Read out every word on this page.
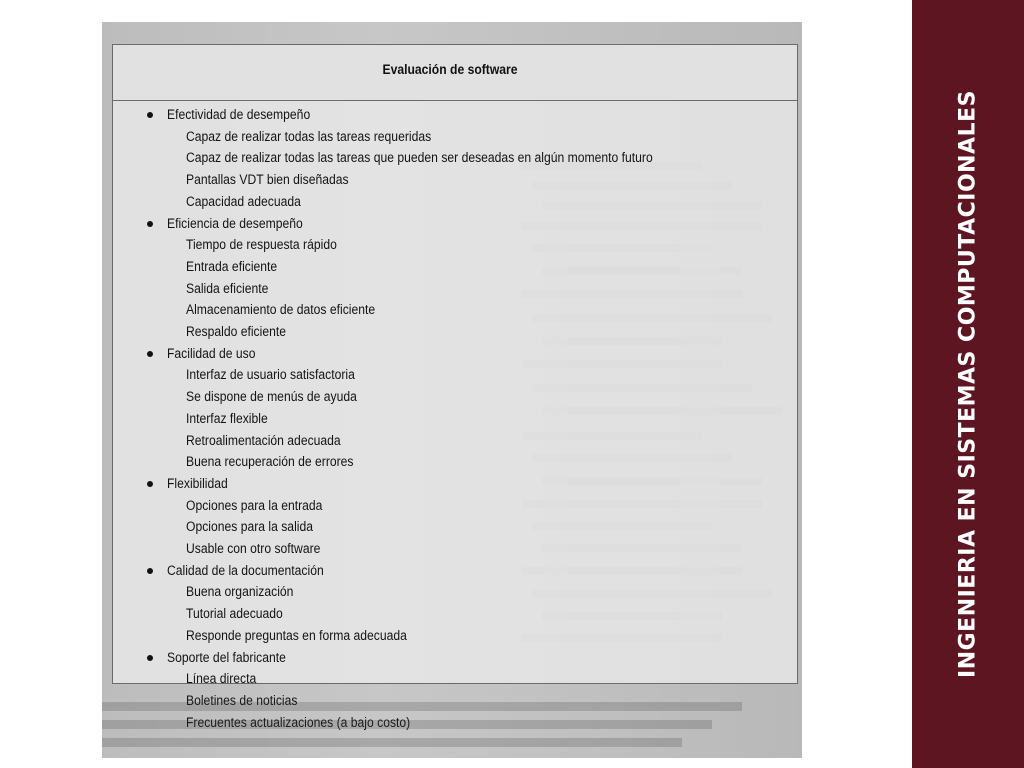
Evaluación de software
Efectividad de desempeño
Capaz de realizar todas las tareas requeridas
Capaz de realizar todas las tareas que pueden ser deseadas en algún momento futuro
Pantallas VDT bien diseñadas
Capacidad adecuada
Eficiencia de desempeño
Tiempo de respuesta rápido
Entrada eficiente
Salida eficiente
Almacenamiento de datos eficiente
Respaldo eficiente
Facilidad de uso
Interfaz de usuario satisfactoria
Se dispone de menús de ayuda
Interfaz flexible
Retroalimentación adecuada
Buena recuperación de errores
Flexibilidad
Opciones para la entrada
Opciones para la salida
Usable con otro software
Calidad de la documentación
Buena organización
Tutorial adecuado
Responde preguntas en forma adecuada
Soporte del fabricante
Línea directa
Boletines de noticias
Frecuentes actualizaciones (a bajo costo)
INGENIERIA EN SISTEMAS COMPUTACIONALES
